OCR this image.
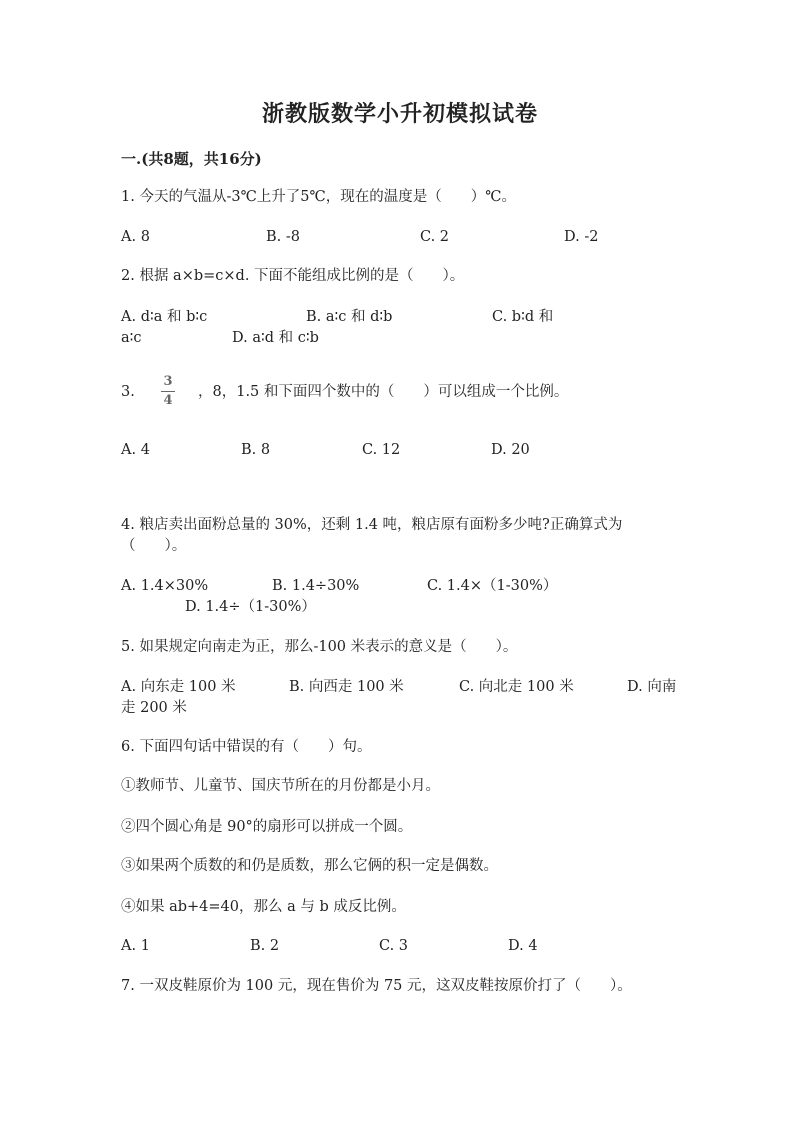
浙教版数学小升初模拟试卷
一.(共8题，共16分)
1. 今天的气温从-3℃上升了5℃，现在的温度是（　　）℃。
A. 8	B. -8	C. 2	D. -2
2. 根据 a×b=c×d. 下面不能组成比例的是（　　）。
A. d∶a 和 b∶c	B. a∶c 和 d∶b	C. b∶d 和
a∶c	D. a∶d 和 c∶b
3.
3
4
，8，1.5 和下面四个数中的（　　）可以组成一个比例。
A. 4	B. 8	C. 12	D. 20
4. 粮店卖出面粉总量的 30%，还剩 1.4 吨，粮店原有面粉多少吨?正确算式为
（　　）。
A. 1.4×30%	B. 1.4÷30%	C. 1.4×（1-30%）
D. 1.4÷（1-30%）
5. 如果规定向南走为正，那么-100 米表示的意义是（　　）。
A. 向东走 100 米	B. 向西走 100 米	C. 向北走 100 米	D. 向南
走 200 米
6. 下面四句话中错误的有（　　）句。
①教师节、儿童节、国庆节所在的月份都是小月。
②四个圆心角是 90°的扇形可以拼成一个圆。
③如果两个质数的和仍是质数，那么它俩的积一定是偶数。
④如果 ab+4=40，那么 a 与 b 成反比例。
A. 1	B. 2	C. 3	D. 4
7. 一双皮鞋原价为 100 元，现在售价为 75 元，这双皮鞋按原价打了（　　）。
